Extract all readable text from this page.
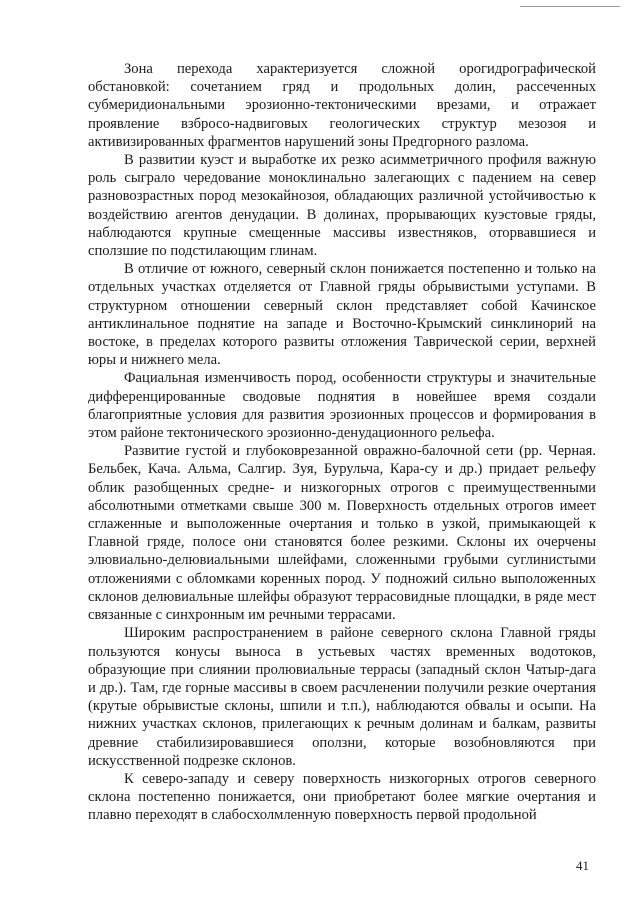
Зона перехода характеризуется сложной орогидрографической обстановкой: сочетанием гряд и продольных долин, рассеченных субмеридиональными эрозионно-тектоническими врезами, и отражает проявление взбросо-надвиговых геологических структур мезозоя и активизированных фрагментов нарушений зоны Предгорного разлома.

В развитии куэст и выработке их резко асимметричного профиля важную роль сыграло чередование моноклинально залегающих с падением на север разновозрастных пород мезокайнозоя, обладающих различной устойчивостью к воздействию агентов денудации. В долинах, прорывающих куэстовые гряды, наблюдаются крупные смещенные массивы известняков, оторвавшиеся и сползшие по подстилающим глинам.

В отличие от южного, северный склон понижается постепенно и только на отдельных участках отделяется от Главной гряды обрывистыми уступами. В структурном отношении северный склон представляет собой Качинское антиклинальное поднятие на западе и Восточно-Крымский синклинорий на востоке, в пределах которого развиты отложения Таврической серии, верхней юры и нижнего мела.

Фациальная изменчивость пород, особенности структуры и значительные дифференцированные сводовые поднятия в новейшее время создали благоприятные условия для развития эрозионных процессов и формирования в этом районе тектонического эрозионно-денудационного рельефа.

Развитие густой и глубоковрезанной овражно-балочной сети (рр. Черная. Бельбек, Кача. Альма, Салгир. Зуя, Бурульча, Кара-су и др.) придает рельефу облик разобщенных средне- и низкогорных отрогов с преимущественными абсолютными отметками свыше 300 м. Поверхность отдельных отрогов имеет сглаженные и выположенные очертания и только в узкой, примыкающей к Главной гряде, полосе они становятся более резкими. Склоны их очерчены элювиально-делювиальными шлейфами, сложенными грубыми суглинистыми отложениями с обломками коренных пород. У подножий сильно выположенных склонов делювиальные шлейфы образуют террасовидные площадки, в ряде мест связанные с синхронным им речными террасами.

Широким распространением в районе северного склона Главной гряды пользуются конусы выноса в устьевых частях временных водотоков, образующие при слиянии пролювиальные террасы (западный склон Чатыр-дага и др.). Там, где горные массивы в своем расчленении получили резкие очертания (крутые обрывистые склоны, шпили и т.п.), наблюдаются обвалы и осыпи. На нижних участках склонов, прилегающих к речным долинам и балкам, развиты древние стабилизировавшиеся оползни, которые возобновляются при искусственной подрезке склонов.

К северо-западу и северу поверхность низкогорных отрогов северного склона постепенно понижается, они приобретают более мягкие очертания и плавно переходят в слабосхолмленную поверхность первой продольной

41
